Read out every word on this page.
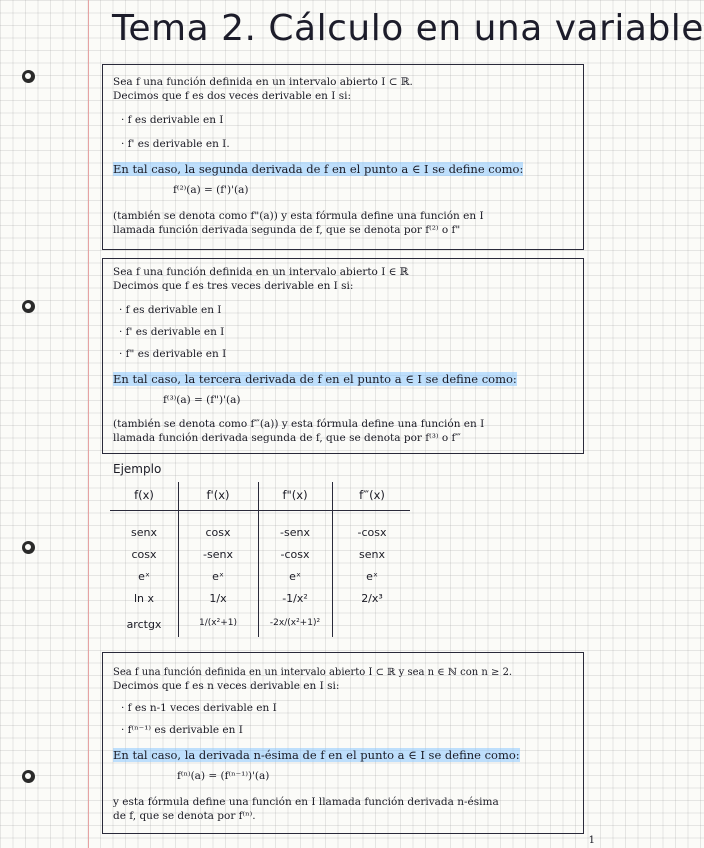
Tema 2. Cálculo en una variable
Sea f una función definida en un intervalo abierto I ⊂ ℝ.
Decimos que f es dos veces derivable en I si:
· f es derivable en I
· f' es derivable en I.
En tal caso, la segunda derivada de f en el punto a ∈ I se define como:
f⁽²⁾(a) = (f')'(a)
(también se denota como f"(a)) y esta fórmula define una función en I
llamada función derivada segunda de f, que se denota por f⁽²⁾ o f"
Sea f una función definida en un intervalo abierto I ∈ ℝ
Decimos que f es tres veces derivable en I si:
· f es derivable en I
· f' es derivable en I
· f" es derivable en I
En tal caso, la tercera derivada de f en el punto a ∈ I se define como:
f⁽³⁾(a) = (f")'(a)
(también se denota como f‴(a)) y esta fórmula define una función en I
llamada función derivada segunda de f, que se denota por f⁽³⁾ o f‴
Ejemplo
f(x)	f'(x)	f"(x)	f‴(x)
senx	cosx	-senx	-cosx
cosx	-senx	-cosx	senx
eˣ	eˣ	eˣ	eˣ
ln x	1/x	-1/x²	2/x³
arctgx	1/(x²+1)	-2x/(x²+1)²
Sea f una función definida en un intervalo abierto I ⊂ ℝ y sea n ∈ ℕ con n ≥ 2.
Decimos que f es n veces derivable en I si:
· f es n-1 veces derivable en I
· f⁽ⁿ⁻¹⁾ es derivable en I
En tal caso, la derivada n-ésima de f en el punto a ∈ I se define como:
f⁽ⁿ⁾(a) = (f⁽ⁿ⁻¹⁾)'(a)
y esta fórmula define una función en I llamada función derivada n-ésima
de f, que se denota por f⁽ⁿ⁾.
1
